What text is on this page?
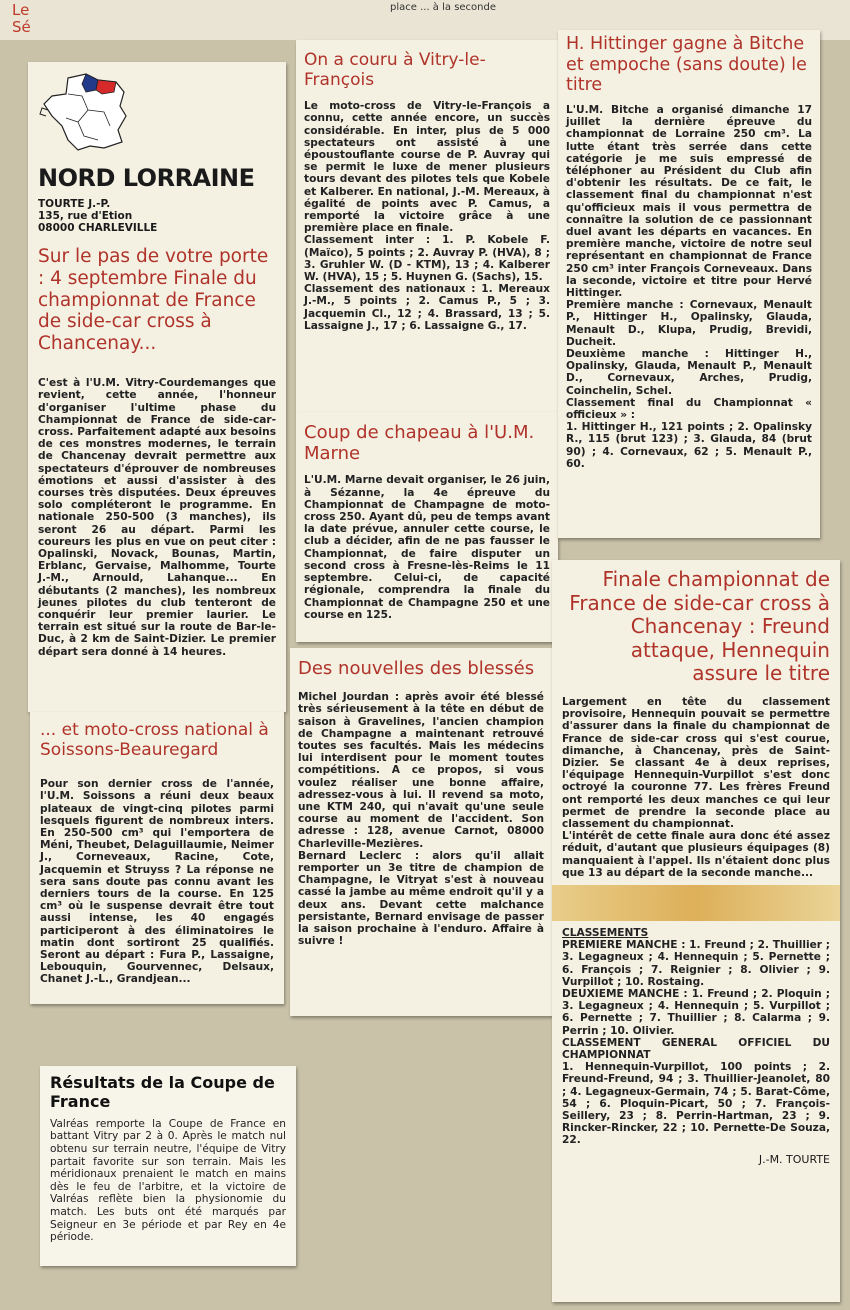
Le
Sé
place ... à la seconde
NORD LORRAINE
TOURTE J.-P.
135, rue d'Etion
08000 CHARLEVILLE
Sur le pas de votre porte : 4 septembre Finale du championnat de France de side-car cross à Chancenay...

C'est à l'U.M. Vitry-Courdemanges que revient, cette année, l'honneur d'organiser l'ultime phase du Championnat de France de side-car-cross. Parfaitement adapté aux besoins de ces monstres modernes, le terrain de Chancenay devrait permettre aux spectateurs d'éprouver de nombreuses émotions et aussi d'assister à des courses très disputées. Deux épreuves solo compléteront le programme. En nationale 250-500 (3 manches), ils seront 26 au départ. Parmi les coureurs les plus en vue on peut citer : Opalinski, Novack, Bounas, Martin, Erblanc, Gervaise, Malhomme, Tourte J.-M., Arnould, Lahanque... En débutants (2 manches), les nombreux jeunes pilotes du club tenteront de conquérir leur premier laurier. Le terrain est situé sur la route de Bar-le-Duc, à 2 km de Saint-Dizier. Le premier départ sera donné à 14 heures.

... et moto-cross national à Soissons-Beauregard

Pour son dernier cross de l'année, l'U.M. Soissons a réuni deux beaux plateaux de vingt-cinq pilotes parmi lesquels figurent de nombreux inters. En 250-500 cm³ qui l'emportera de Méni, Theubet, Delaguillaumie, Neimer J., Corneveaux, Racine, Cote, Jacquemin et Struyss ? La réponse ne sera sans doute pas connu avant les derniers tours de la course. En 125 cm³ où le suspense devrait être tout aussi intense, les 40 engagés participeront à des éliminatoires le matin dont sortiront 25 qualifiés. Seront au départ : Fura P., Lassaigne, Lebouquin, Gourvennec, Delsaux, Chanet J.-L., Grandjean...

Résultats de la Coupe de France

Valréas remporte la Coupe de France en battant Vitry par 2 à 0. Après le match nul obtenu sur terrain neutre, l'équipe de Vitry partait favorite sur son terrain. Mais les méridionaux prenaient le match en mains dès le feu de l'arbitre, et la victoire de Valréas reflète bien la physionomie du match. Les buts ont été marqués par Seigneur en 3e période et par Rey en 4e période.

On a couru à Vitry-le-François

Le moto-cross de Vitry-le-François a connu, cette année encore, un succès considérable. En inter, plus de 5 000 spectateurs ont assisté à une époustouflante course de P. Auvray qui se permit le luxe de mener plusieurs tours devant des pilotes tels que Kobele et Kalberer. En national, J.-M. Mereaux, à égalité de points avec P. Camus, a remporté la victoire grâce à une première place en finale.

Classement inter : 1. P. Kobele F. (Maïco), 5 points ; 2. Auvray P. (HVA), 8 ; 3. Gruhler W. (D - KTM), 13 ; 4. Kalberer W. (HVA), 15 ; 5. Huynen G. (Sachs), 15.

Classement des nationaux : 1. Mereaux J.-M., 5 points ; 2. Camus P., 5 ; 3. Jacquemin Cl., 12 ; 4. Brassard, 13 ; 5. Lassaigne J., 17 ; 6. Lassaigne G., 17.

Coup de chapeau à l'U.M. Marne

L'U.M. Marne devait organiser, le 26 juin, à Sézanne, la 4e épreuve du Championnat de Champagne de moto-cross 250. Ayant dû, peu de temps avant la date prévue, annuler cette course, le club a décider, afin de ne pas fausser le Championnat, de faire disputer un second cross à Fresne-lès-Reims le 11 septembre. Celui-ci, de capacité régionale, comprendra la finale du Championnat de Champagne 250 et une course en 125.

Des nouvelles des blessés

Michel Jourdan : après avoir été blessé très sérieusement à la tête en début de saison à Gravelines, l'ancien champion de Champagne a maintenant retrouvé toutes ses facultés. Mais les médecins lui interdisent pour le moment toutes compétitions. A ce propos, si vous voulez réaliser une bonne affaire, adressez-vous à lui. Il revend sa moto, une KTM 240, qui n'avait qu'une seule course au moment de l'accident. Son adresse : 128, avenue Carnot, 08000 Charleville-Mezières.

Bernard Leclerc : alors qu'il allait remporter un 3e titre de champion de Champagne, le Vitryat s'est à nouveau cassé la jambe au même endroit qu'il y a deux ans. Devant cette malchance persistante, Bernard envisage de passer la saison prochaine à l'enduro. Affaire à suivre !

H. Hittinger gagne à Bitche et empoche (sans doute) le titre

L'U.M. Bitche a organisé dimanche 17 juillet la dernière épreuve du championnat de Lorraine 250 cm³. La lutte étant très serrée dans cette catégorie je me suis empressé de téléphoner au Président du Club afin d'obtenir les résultats. De ce fait, le classement final du championnat n'est qu'officieux mais il vous permettra de connaître la solution de ce passionnant duel avant les départs en vacances. En première manche, victoire de notre seul représentant en championnat de France 250 cm³ inter François Corneveaux. Dans la seconde, victoire et titre pour Hervé Hittinger.

Première manche : Cornevaux, Menault P., Hittinger H., Opalinsky, Glauda, Menault D., Klupa, Prudig, Brevidi, Ducheit.

Deuxième manche : Hittinger H., Opalinsky, Glauda, Menault P., Menault D., Cornevaux, Arches, Prudig, Coinchelin, Schel.

Classement final du Championnat « officieux » :

1. Hittinger H., 121 points ; 2. Opalinsky R., 115 (brut 123) ; 3. Glauda, 84 (brut 90) ; 4. Cornevaux, 62 ; 5. Menault P., 60.

Finale championnat de France de side-car cross à Chancenay : Freund attaque, Hennequin assure le titre

Largement en tête du classement provisoire, Hennequin pouvait se permettre d'assurer dans la finale du championnat de France de side-car cross qui s'est courue, dimanche, à Chancenay, près de Saint-Dizier. Se classant 4e à deux reprises, l'équipage Hennequin-Vurpillot s'est donc octroyé la couronne 77. Les frères Freund ont remporté les deux manches ce qui leur permet de prendre la seconde place au classement du championnat.

L'intérêt de cette finale aura donc été assez réduit, d'autant que plusieurs équipages (8) manquaient à l'appel. Ils n'étaient donc plus que 13 au départ de la seconde manche...

CLASSEMENTS

PREMIERE MANCHE : 1. Freund ; 2. Thuillier ; 3. Legagneux ; 4. Hennequin ; 5. Pernette ; 6. François ; 7. Reignier ; 8. Olivier ; 9. Vurpillot ; 10. Rostaing.

DEUXIEME MANCHE : 1. Freund ; 2. Ploquin ; 3. Legagneux ; 4. Hennequin ; 5. Vurpillot ; 6. Pernette ; 7. Thuillier ; 8. Calarma ; 9. Perrin ; 10. Olivier.

CLASSEMENT GENERAL OFFICIEL DU CHAMPIONNAT

1. Hennequin-Vurpillot, 100 points ; 2. Freund-Freund, 94 ; 3. Thuillier-Jeanolet, 80 ; 4. Legagneux-Germain, 74 ; 5. Barat-Côme, 54 ; 6. Ploquin-Picart, 50 ; 7. François-Seillery, 23 ; 8. Perrin-Hartman, 23 ; 9. Rincker-Rincker, 22 ; 10. Pernette-De Souza, 22.

J.-M. TOURTE
